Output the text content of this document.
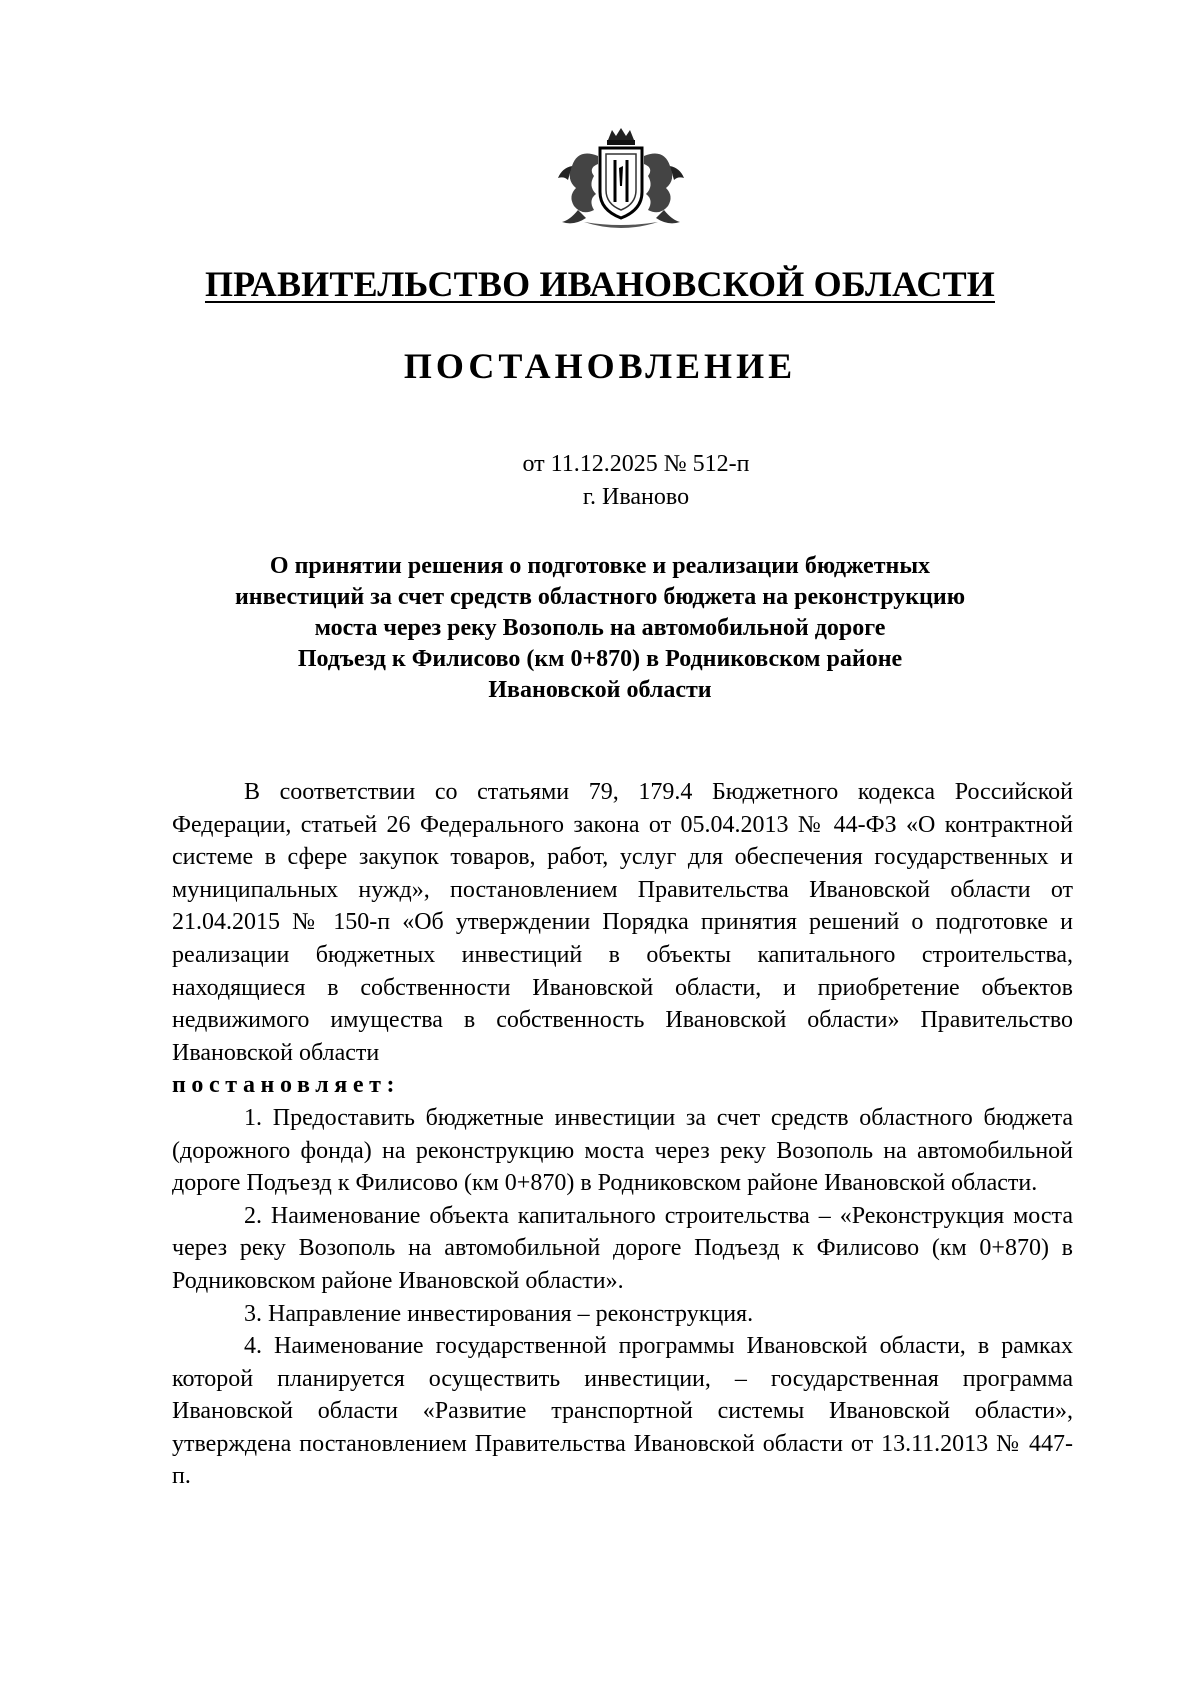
ПРАВИТЕЛЬСТВО ИВАНОВСКОЙ ОБЛАСТИ
ПОСТАНОВЛЕНИЕ
от 11.12.2025 № 512-п
г. Иваново
О принятии решения о подготовке и реализации бюджетных
инвестиций за счет средств областного бюджета на реконструкцию
моста через реку Возополь на автомобильной дороге
Подъезд к Филисово (км 0+870) в Родниковском районе
Ивановской области

В соответствии со статьями 79, 179.4 Бюджетного кодекса Российской Федерации, статьей 26 Федерального закона от 05.04.2013 № 44-ФЗ «О контрактной системе в сфере закупок товаров, работ, услуг для обеспечения государственных и муниципальных нужд», постановлением Правительства Ивановской области от 21.04.2015 № 150-п «Об утверждении Порядка принятия решений о подготовке и реализации бюджетных инвестиций в объекты капитального строительства, находящиеся в собственности Ивановской области, и приобретение объектов недвижимого имущества в собственность Ивановской области» Правительство Ивановской области

постановляет:

1. Предоставить бюджетные инвестиции за счет средств областного бюджета (дорожного фонда) на реконструкцию моста через реку Возополь на автомобильной дороге Подъезд к Филисово (км 0+870) в Родниковском районе Ивановской области.

2. Наименование объекта капитального строительства – «Реконструкция моста через реку Возополь на автомобильной дороге Подъезд к Филисово (км 0+870) в Родниковском районе Ивановской области».

3. Направление инвестирования – реконструкция.

4. Наименование государственной программы Ивановской области, в рамках которой планируется осуществить инвестиции, – государственная программа Ивановской области «Развитие транспортной системы Ивановской области», утверждена постановлением Правительства Ивановской области от 13.11.2013 № 447-п.
